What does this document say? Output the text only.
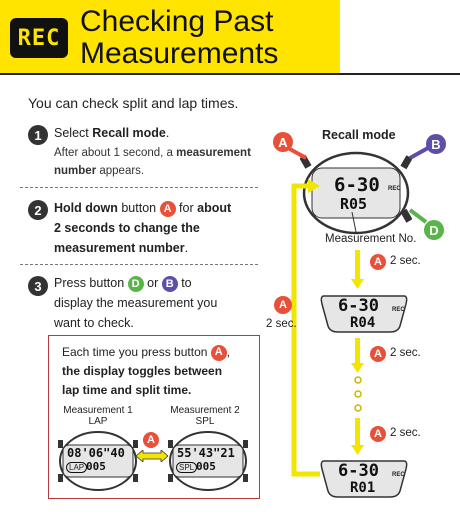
REC Checking Past
Measurements
You can check split and lap times.
1 Select Recall mode.
After about 1 second, a measurement
number appears.
2 Hold down button A for about
2 seconds to change the
measurement number.
3 Press button D or B to
display the measurement you
want to check.
Each time you press button A ,
the display toggles between
lap time and split time.
Measurement 1
LAP
Measurement 2
SPL
08'06"40
LAP 005
A
55'43"21
SPL 005
Recall mode
6-30 REC
R05
A	B
D
Measurement No.
A 2 sec.
6-30 REC
R04
A 2 sec.
A 2 sec.
6-30 REC
R01
A
2 sec.
